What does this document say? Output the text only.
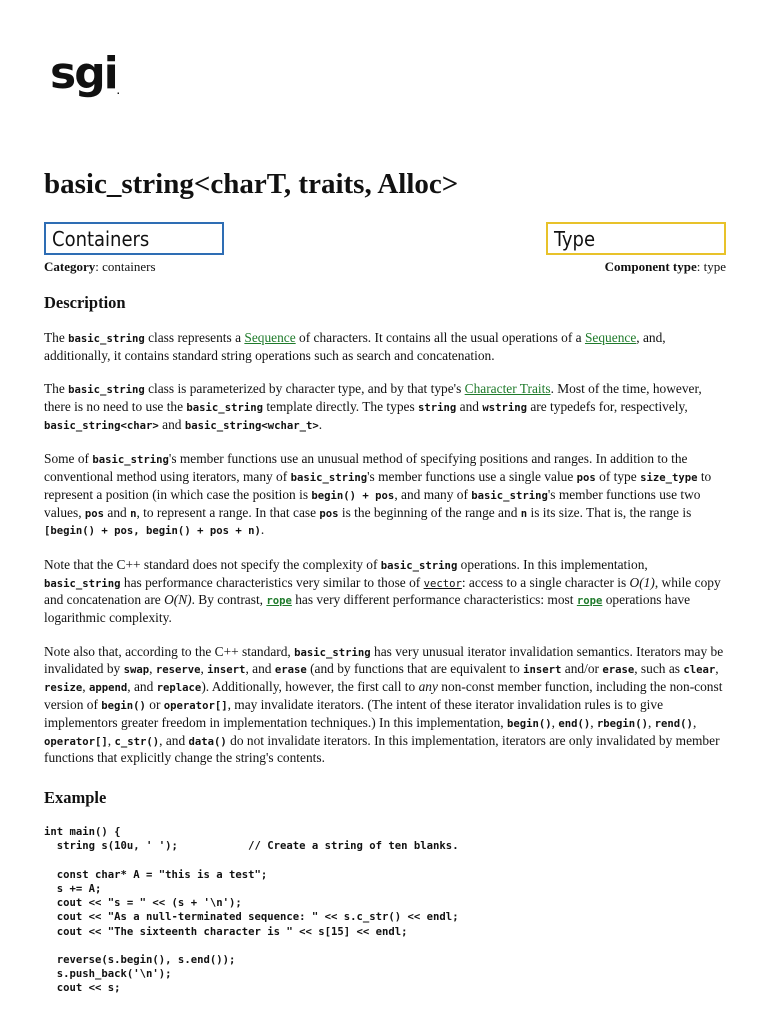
sgi.
basic_string<charT, traits, Alloc>
Containers	Type
Category: containers	Component type: type
Description

The basic_string class represents a Sequence of characters. It contains all the usual operations of a Sequence, and, additionally, it contains standard string operations such as search and concatenation.

The basic_string class is parameterized by character type, and by that type's Character Traits. Most of the time, however, there is no need to use the basic_string template directly. The types string and wstring are typedefs for, respectively, basic_string<char> and basic_string<wchar_t>.

Some of basic_string's member functions use an unusual method of specifying positions and ranges. In addition to the conventional method using iterators, many of basic_string's member functions use a single value pos of type size_type to represent a position (in which case the position is begin() + pos, and many of basic_string's member functions use two values, pos and n, to represent a range. In that case pos is the beginning of the range and n is its size. That is, the range is [begin() + pos, begin() + pos + n).

Note that the C++ standard does not specify the complexity of basic_string operations. In this implementation, basic_string has performance characteristics very similar to those of vector: access to a single character is O(1), while copy and concatenation are O(N). By contrast, rope has very different performance characteristics: most rope operations have logarithmic complexity.

Note also that, according to the C++ standard, basic_string has very unusual iterator invalidation semantics. Iterators may be invalidated by swap, reserve, insert, and erase (and by functions that are equivalent to insert and/or erase, such as clear, resize, append, and replace). Additionally, however, the first call to any non-const member function, including the non-const version of begin() or operator[], may invalidate iterators. (The intent of these iterator invalidation rules is to give implementors greater freedom in implementation techniques.) In this implementation, begin(), end(), rbegin(), rend(), operator[], c_str(), and data() do not invalidate iterators. In this implementation, iterators are only invalidated by member functions that explicitly change the string's contents.

Example
int main() {
string s(10u, ' ');           // Create a string of ten blanks.

const char* A = "this is a test";
s += A;
cout << "s = " << (s + '\n');
cout << "As a null-terminated sequence: " << s.c_str() << endl;
cout << "The sixteenth character is " << s[15] << endl;

reverse(s.begin(), s.end());
s.push_back('\n');
cout << s;
